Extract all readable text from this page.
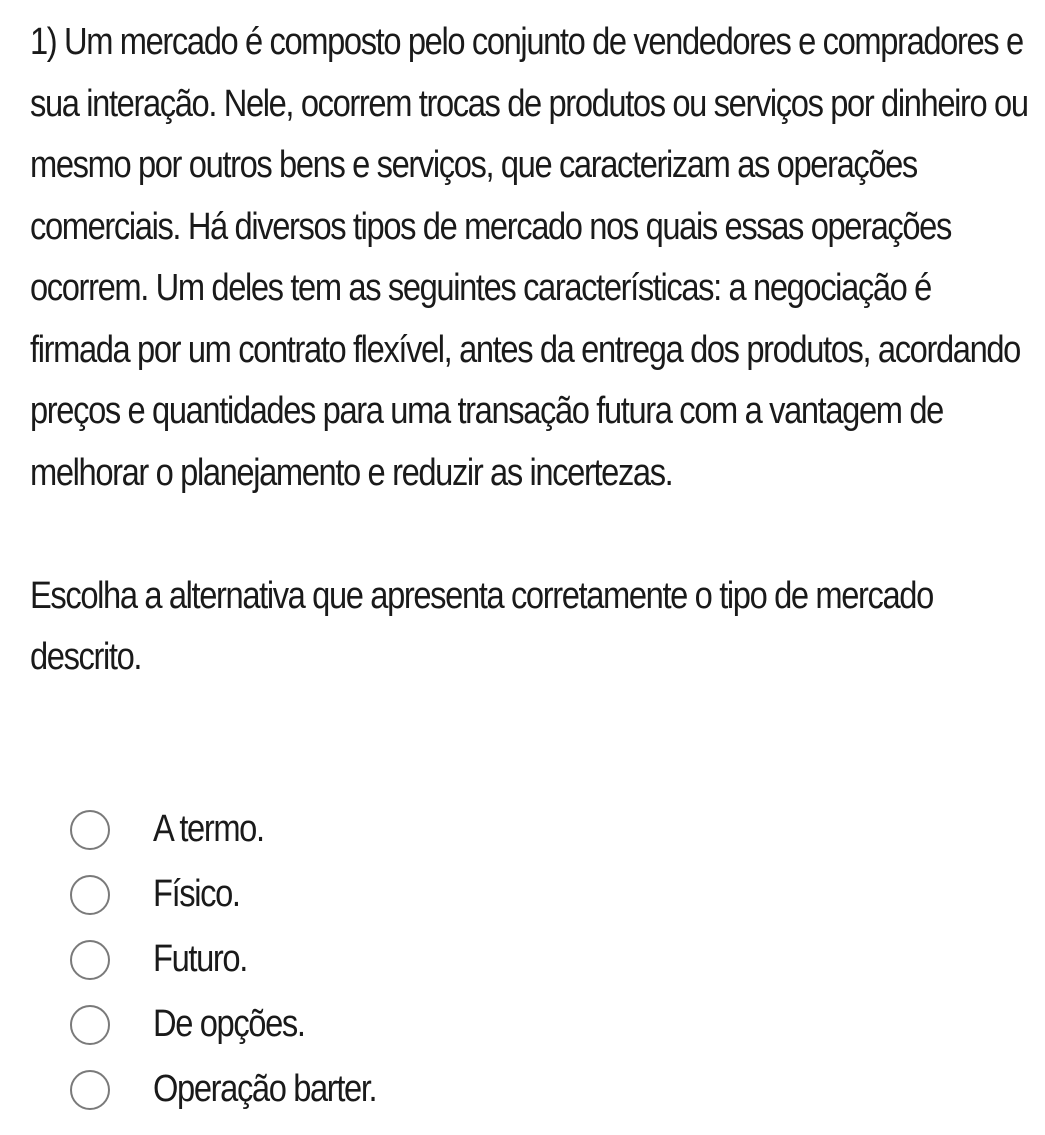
1) Um mercado é composto pelo conjunto de vendedores e compradores e sua interação. Nele, ocorrem trocas de produtos ou serviços por dinheiro ou mesmo por outros bens e serviços, que caracterizam as operações comerciais. Há diversos tipos de mercado nos quais essas operações ocorrem. Um deles tem as seguintes características: a negociação é firmada por um contrato flexível, antes da entrega dos produtos, acordando preços e quantidades para uma transação futura com a vantagem de melhorar o planejamento e reduzir as incertezas.

Escolha a alternativa que apresenta corretamente o tipo de mercado descrito.

A termo.
Físico.
Futuro.
De opções.
Operação barter.
